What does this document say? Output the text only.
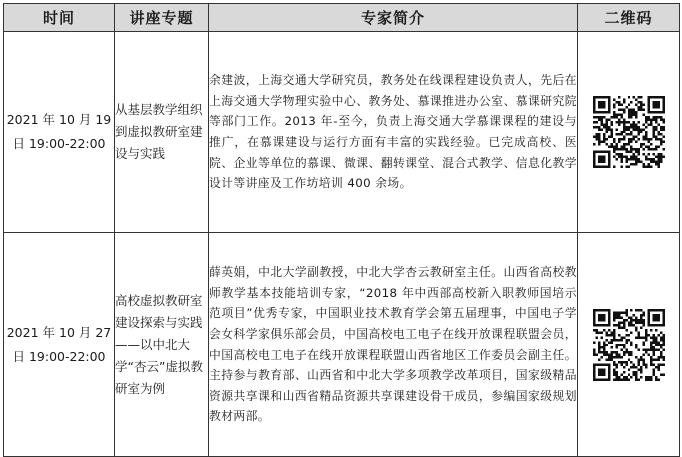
时间	讲座专题	专家简介	二维码
2021 年 10 月 19 日 19:00-22:00	从基层教学组织到虚拟教研室建设与实践	余建波，上海交通大学研究员，教务处在线课程建设负责人，先后在上海交通大学物理实验中心、教务处、慕课推进办公室、慕课研究院等部门工作。2013 年-至今，负责上海交通大学慕课课程的建设与推广，在慕课建设与运行方面有丰富的实践经验。已完成高校、医院、企业等单位的慕课、微课、翻转课堂、混合式教学、信息化教学设计等讲座及工作坊培训 400 余场。	

2021 年 10 月 27 日 19:00-22:00	高校虚拟教研室建设探索与实践——以中北大学“杏云”虚拟教研室为例	薛英娟，中北大学副教授，中北大学杏云教研室主任。山西省高校教师教学基本技能培训专家，“2018 年中西部高校新入职教师国培示范项目”优秀专家，中国职业技术教育学会第五届理事，中国电子学会女科学家俱乐部会员，中国高校电工电子在线开放课程联盟会员，中国高校电工电子在线开放课程联盟山西省地区工作委员会副主任。主持参与教育部、山西省和中北大学多项教学改革项目，国家级精品资源共享课和山西省精品资源共享课建设骨干成员，参编国家级规划教材两部。	
